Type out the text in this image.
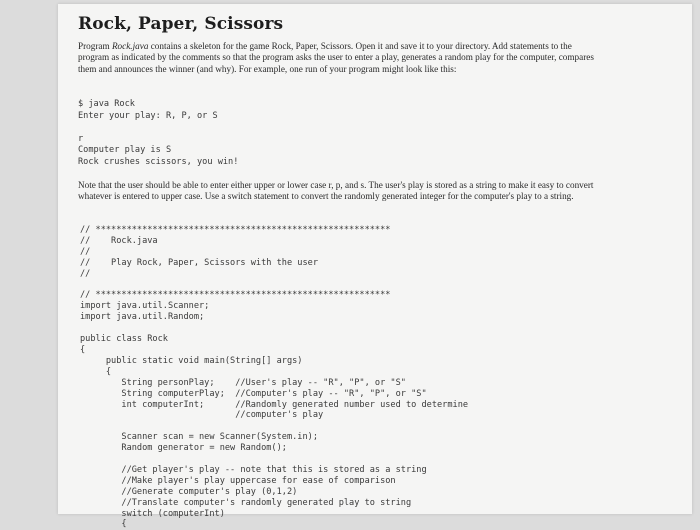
Rock, Paper, Scissors

Program Rock.java contains a skeleton for the game Rock, Paper, Scissors. Open it and save it to your directory. Add statements to the program as indicated by the comments so that the program asks the user to enter a play, generates a random play for the computer, compares them and announces the winner (and why). For example, one run of your program might look like this:

$ java Rock
Enter your play: R, P, or S

r
Computer play is S
Rock crushes scissors, you win!

Note that the user should be able to enter either upper or lower case r, p, and s. The user's play is stored as a string to make it easy to convert whatever is entered to upper case. Use a switch statement to convert the randomly generated integer for the computer's play to a string.

// *********************************************************
//    Rock.java
//
//    Play Rock, Paper, Scissors with the user
//

// *********************************************************
import java.util.Scanner;
import java.util.Random;

public class Rock
{
public static void main(String[] args)
{
String personPlay;    //User's play -- "R", "P", or "S"
String computerPlay;  //Computer's play -- "R", "P", or "S"
int computerInt;      //Randomly generated number used to determine
//computer's play

Scanner scan = new Scanner(System.in);
Random generator = new Random();

//Get player's play -- note that this is stored as a string
//Make player's play uppercase for ease of comparison
//Generate computer's play (0,1,2)
//Translate computer's randomly generated play to string
switch (computerInt)
{
